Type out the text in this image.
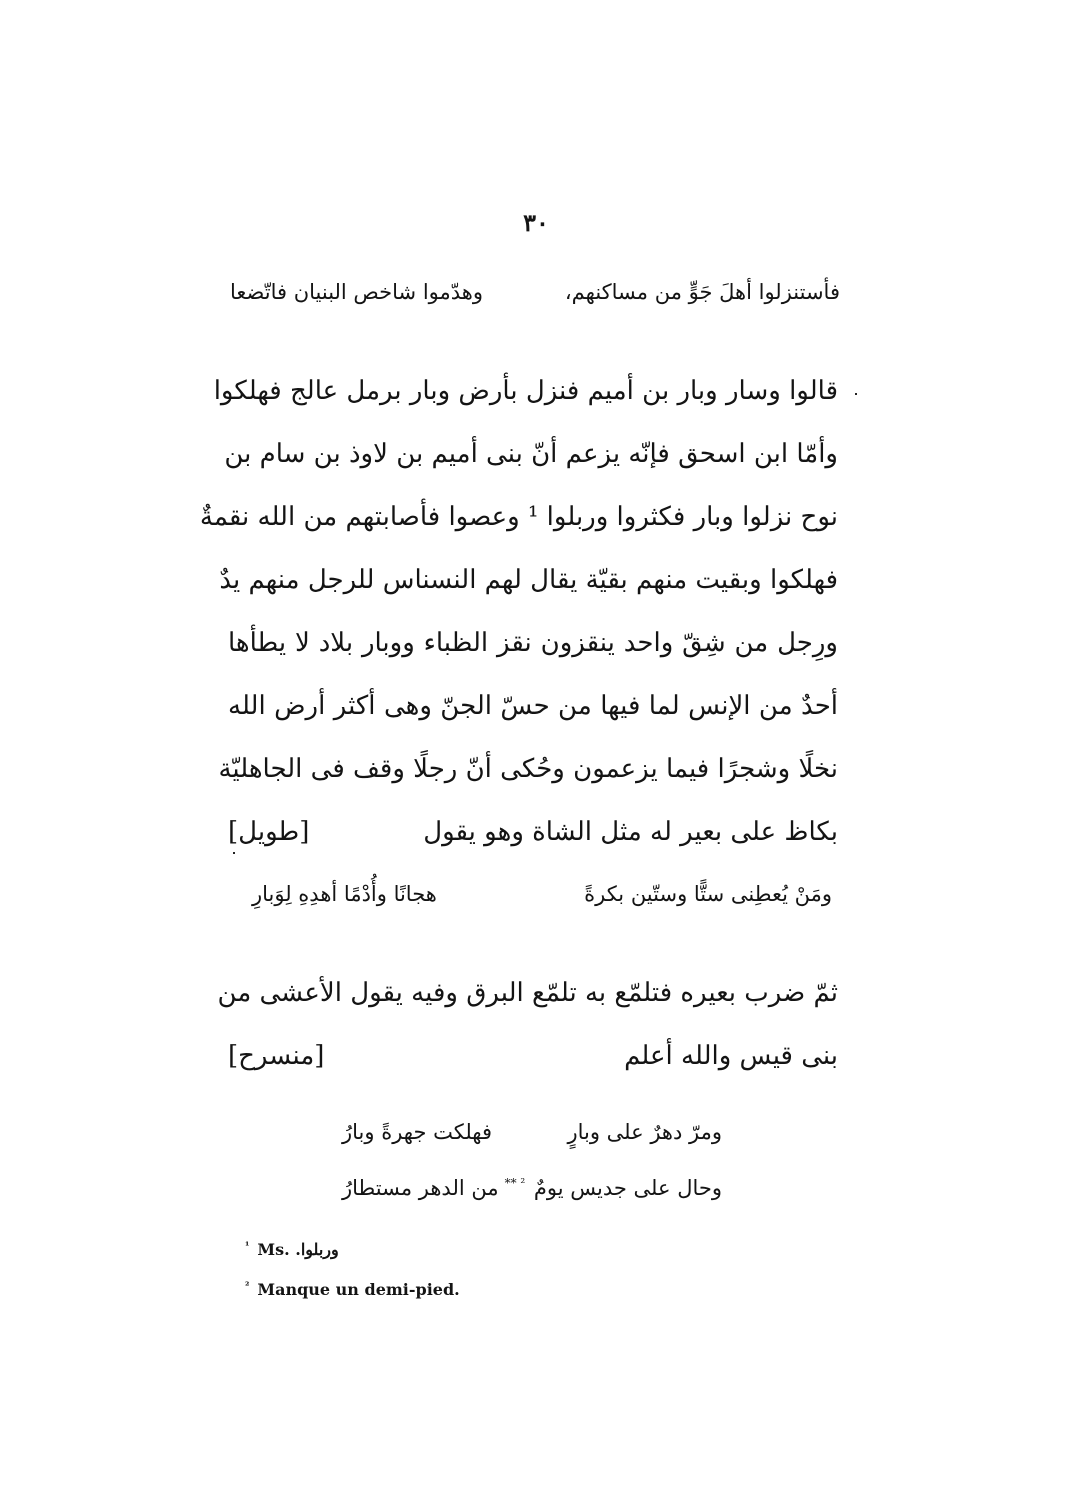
٣٠
فأستنزلوا أهلَ جَوٍّ من مساكنهم،
وهدّموا شاخص البنيان فاتّضعا
قالوا وسار وبار بن أميم فنزل بأرض وبار برمل عالج فهلكوا
وأمّا ابن اسحق فإنّه يزعم أنّ بنى أميم بن لاوذ بن سام بن
نوح نزلوا وبار فكثروا وربلوا ¹ وعصوا فأصابتهم من الله نقمةٌ
فهلكوا وبقيت منهم بقيّة يقال لهم النسناس للرجل منهم يدٌ
ورِجل من شِقّ واحد ينقزون نقز الظباء ووبار بلاد لا يطأها
أحدٌ من الإنس لما فيها من حسّ الجنّ وهى أكثر أرض الله
نخلًا وشجرًا فيما يزعمون وحُكى أنّ رجلًا وقف فى الجاهليّة
بكاظ على بعير له مثل الشاة وهو يقول
[طويل]
ومَنْ يُعطِنى ستًّا وستّين بكرةً
هجانًا وأُدْمًا أهدِهِ لِوَبارِ
ثمّ ضرب بعيره فتلمّع به تلمّع البرق وفيه يقول الأعشى من
بنى قيس والله أعلم
[منسرح]
ومرّ دهرٌ على وبارٍ
فهلكت جهرةً وبارُ
وحال على جديس يومٌ
$^{^2 **}$من الدهر مستطارُ
$^{^1}$ Ms. وربلوا.
$^{^2}$ Manque un demi-pied.
